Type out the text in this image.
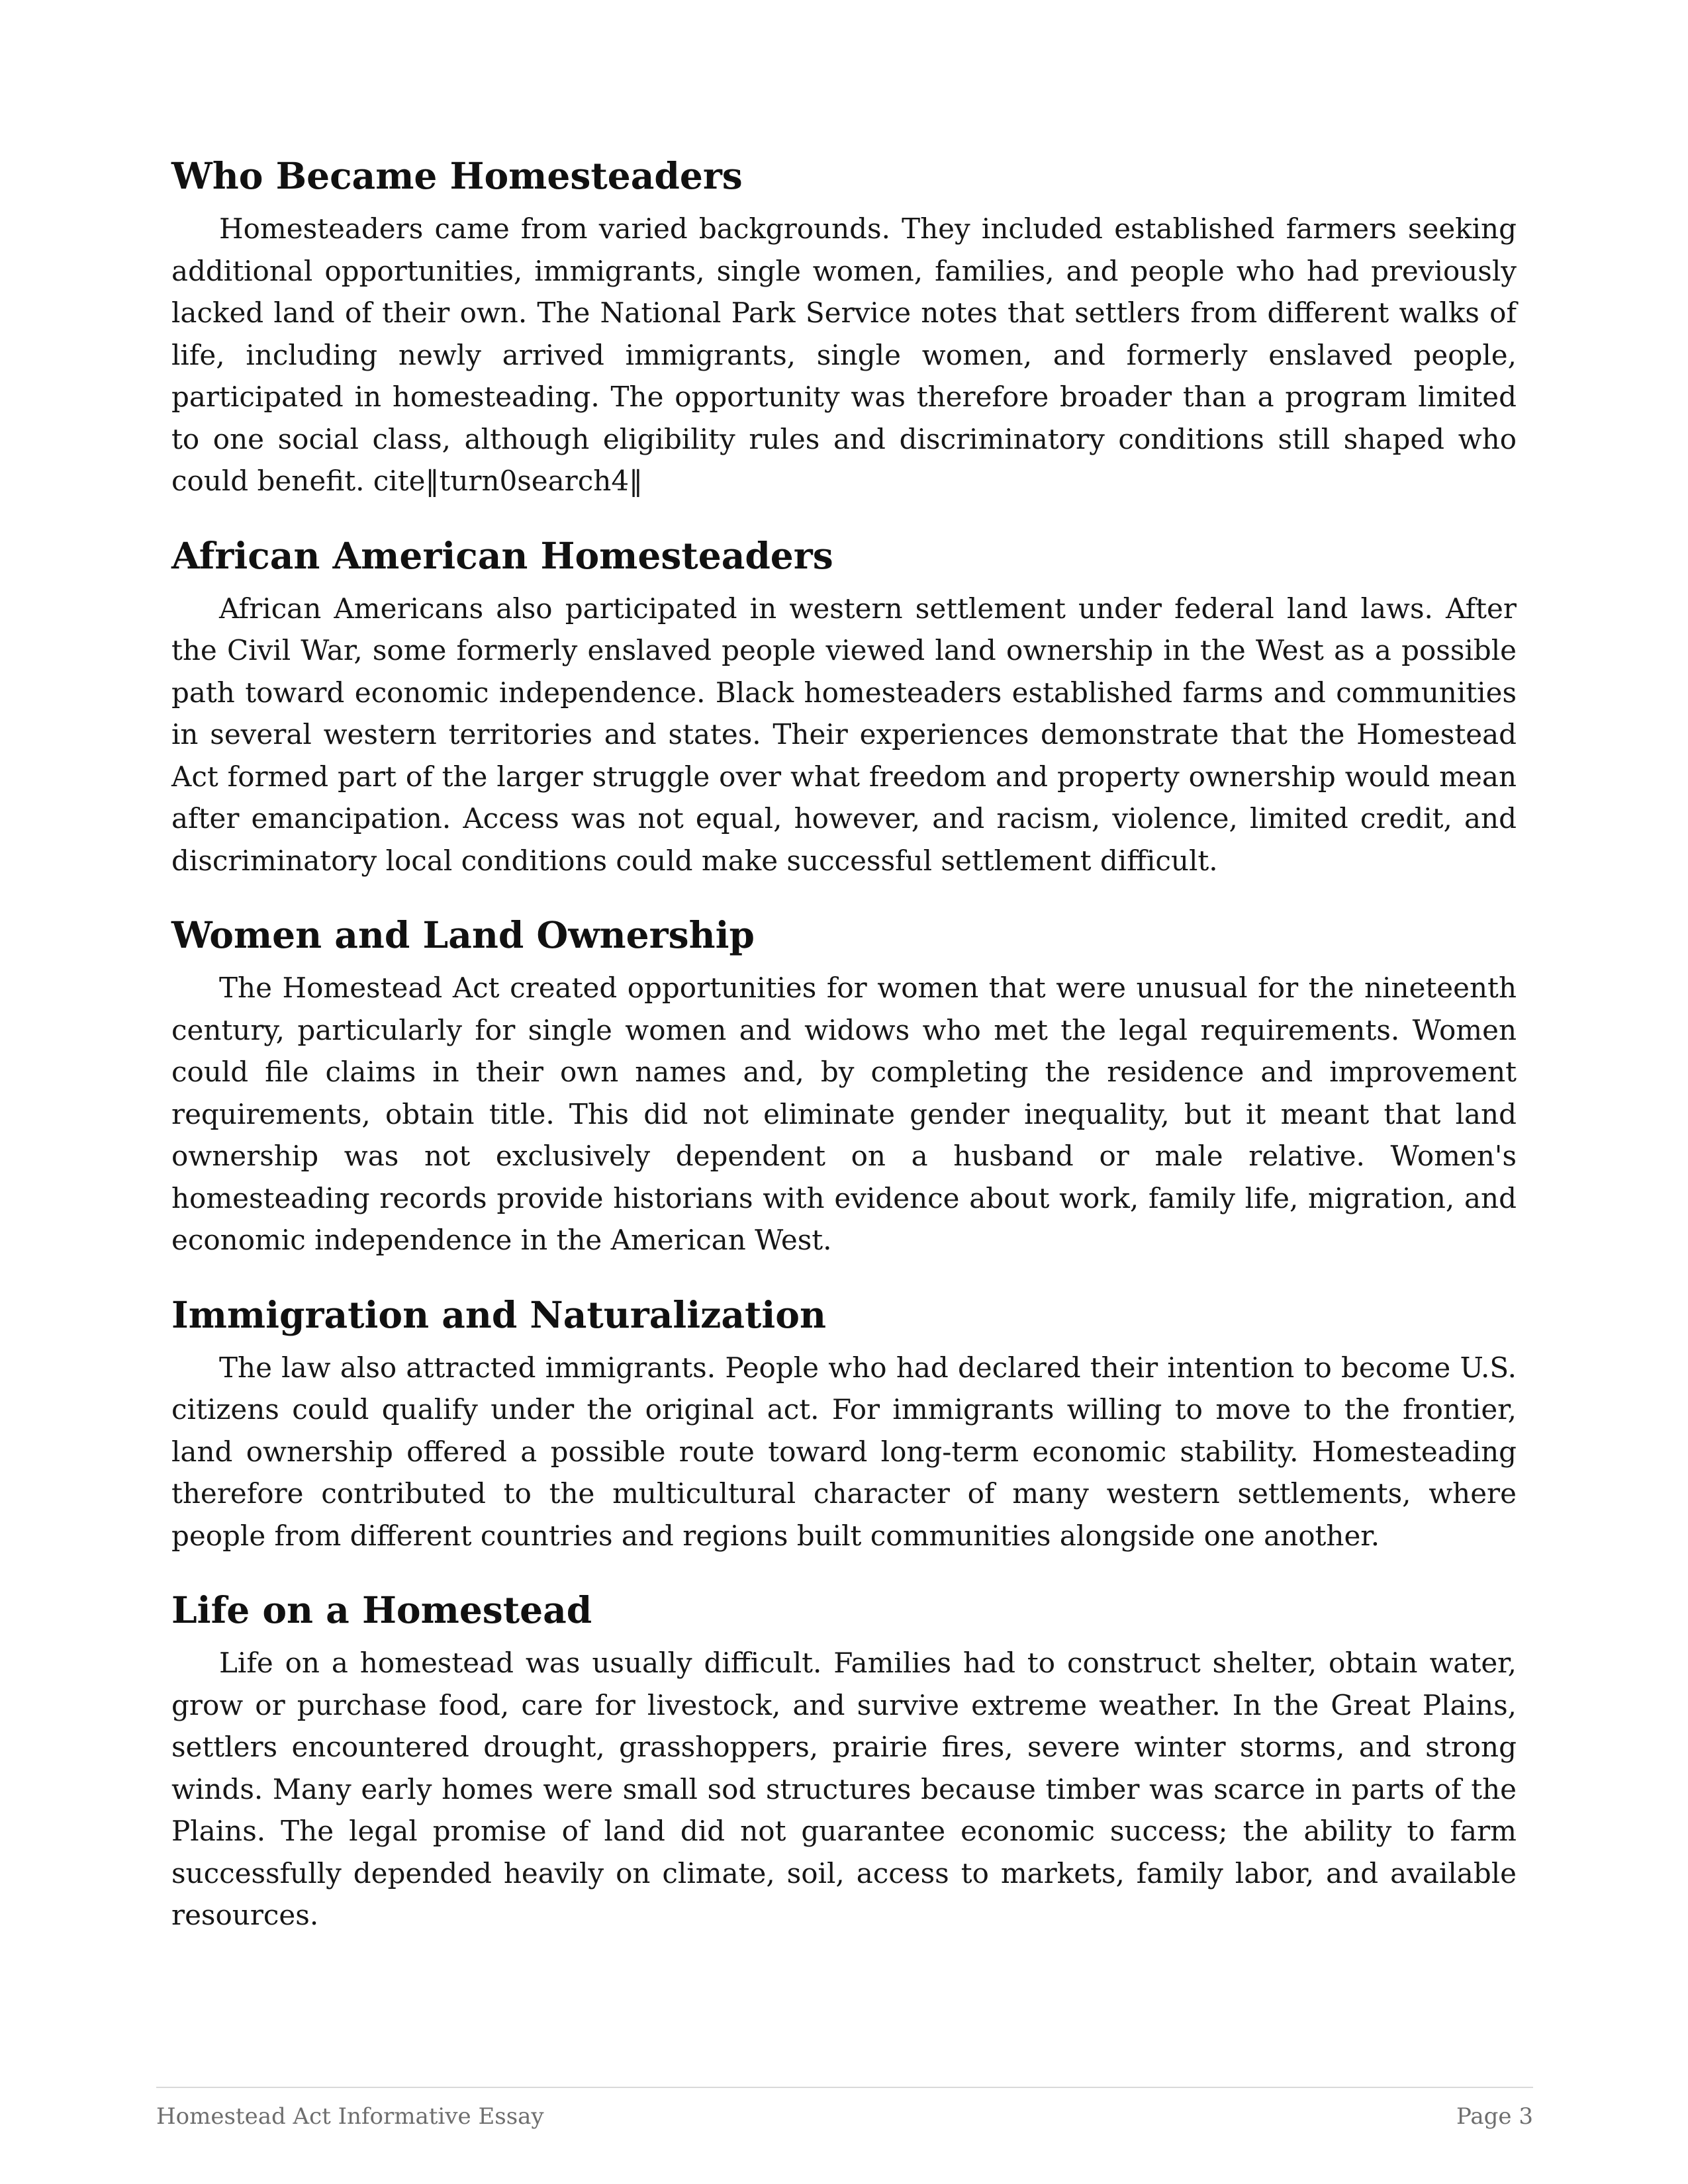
Who Became Homesteaders

Homesteaders came from varied backgrounds. They included established farmers seeking additional opportunities, immigrants, single women, families, and people who had previously lacked land of their own. The National Park Service notes that settlers from different walks of life, including newly arrived immigrants, single women, and formerly enslaved people, participated in homesteading. The opportunity was therefore broader than a program limited to one social class, although eligibility rules and discriminatory conditions still shaped who could benefit. cite‖turn0search4‖

African American Homesteaders

African Americans also participated in western settlement under federal land laws. After the Civil War, some formerly enslaved people viewed land ownership in the West as a possible path toward economic independence. Black homesteaders established farms and communities in several western territories and states. Their experiences demonstrate that the Homestead Act formed part of the larger struggle over what freedom and property ownership would mean after emancipation. Access was not equal, however, and racism, violence, limited credit, and discriminatory local conditions could make successful settlement difficult.

Women and Land Ownership

The Homestead Act created opportunities for women that were unusual for the nineteenth century, particularly for single women and widows who met the legal requirements. Women could file claims in their own names and, by completing the residence and improvement requirements, obtain title. This did not eliminate gender inequality, but it meant that land ownership was not exclusively dependent on a husband or male relative. Women's homesteading records provide historians with evidence about work, family life, migration, and economic independence in the American West.

Immigration and Naturalization

The law also attracted immigrants. People who had declared their intention to become U.S. citizens could qualify under the original act. For immigrants willing to move to the frontier, land ownership offered a possible route toward long-term economic stability. Homesteading therefore contributed to the multicultural character of many western settlements, where people from different countries and regions built communities alongside one another.

Life on a Homestead

Life on a homestead was usually difficult. Families had to construct shelter, obtain water, grow or purchase food, care for livestock, and survive extreme weather. In the Great Plains, settlers encountered drought, grasshoppers, prairie fires, severe winter storms, and strong winds. Many early homes were small sod structures because timber was scarce in parts of the Plains. The legal promise of land did not guarantee economic success; the ability to farm successfully depended heavily on climate, soil, access to markets, family labor, and available resources.

Homestead Act Informative Essay	Page 3
